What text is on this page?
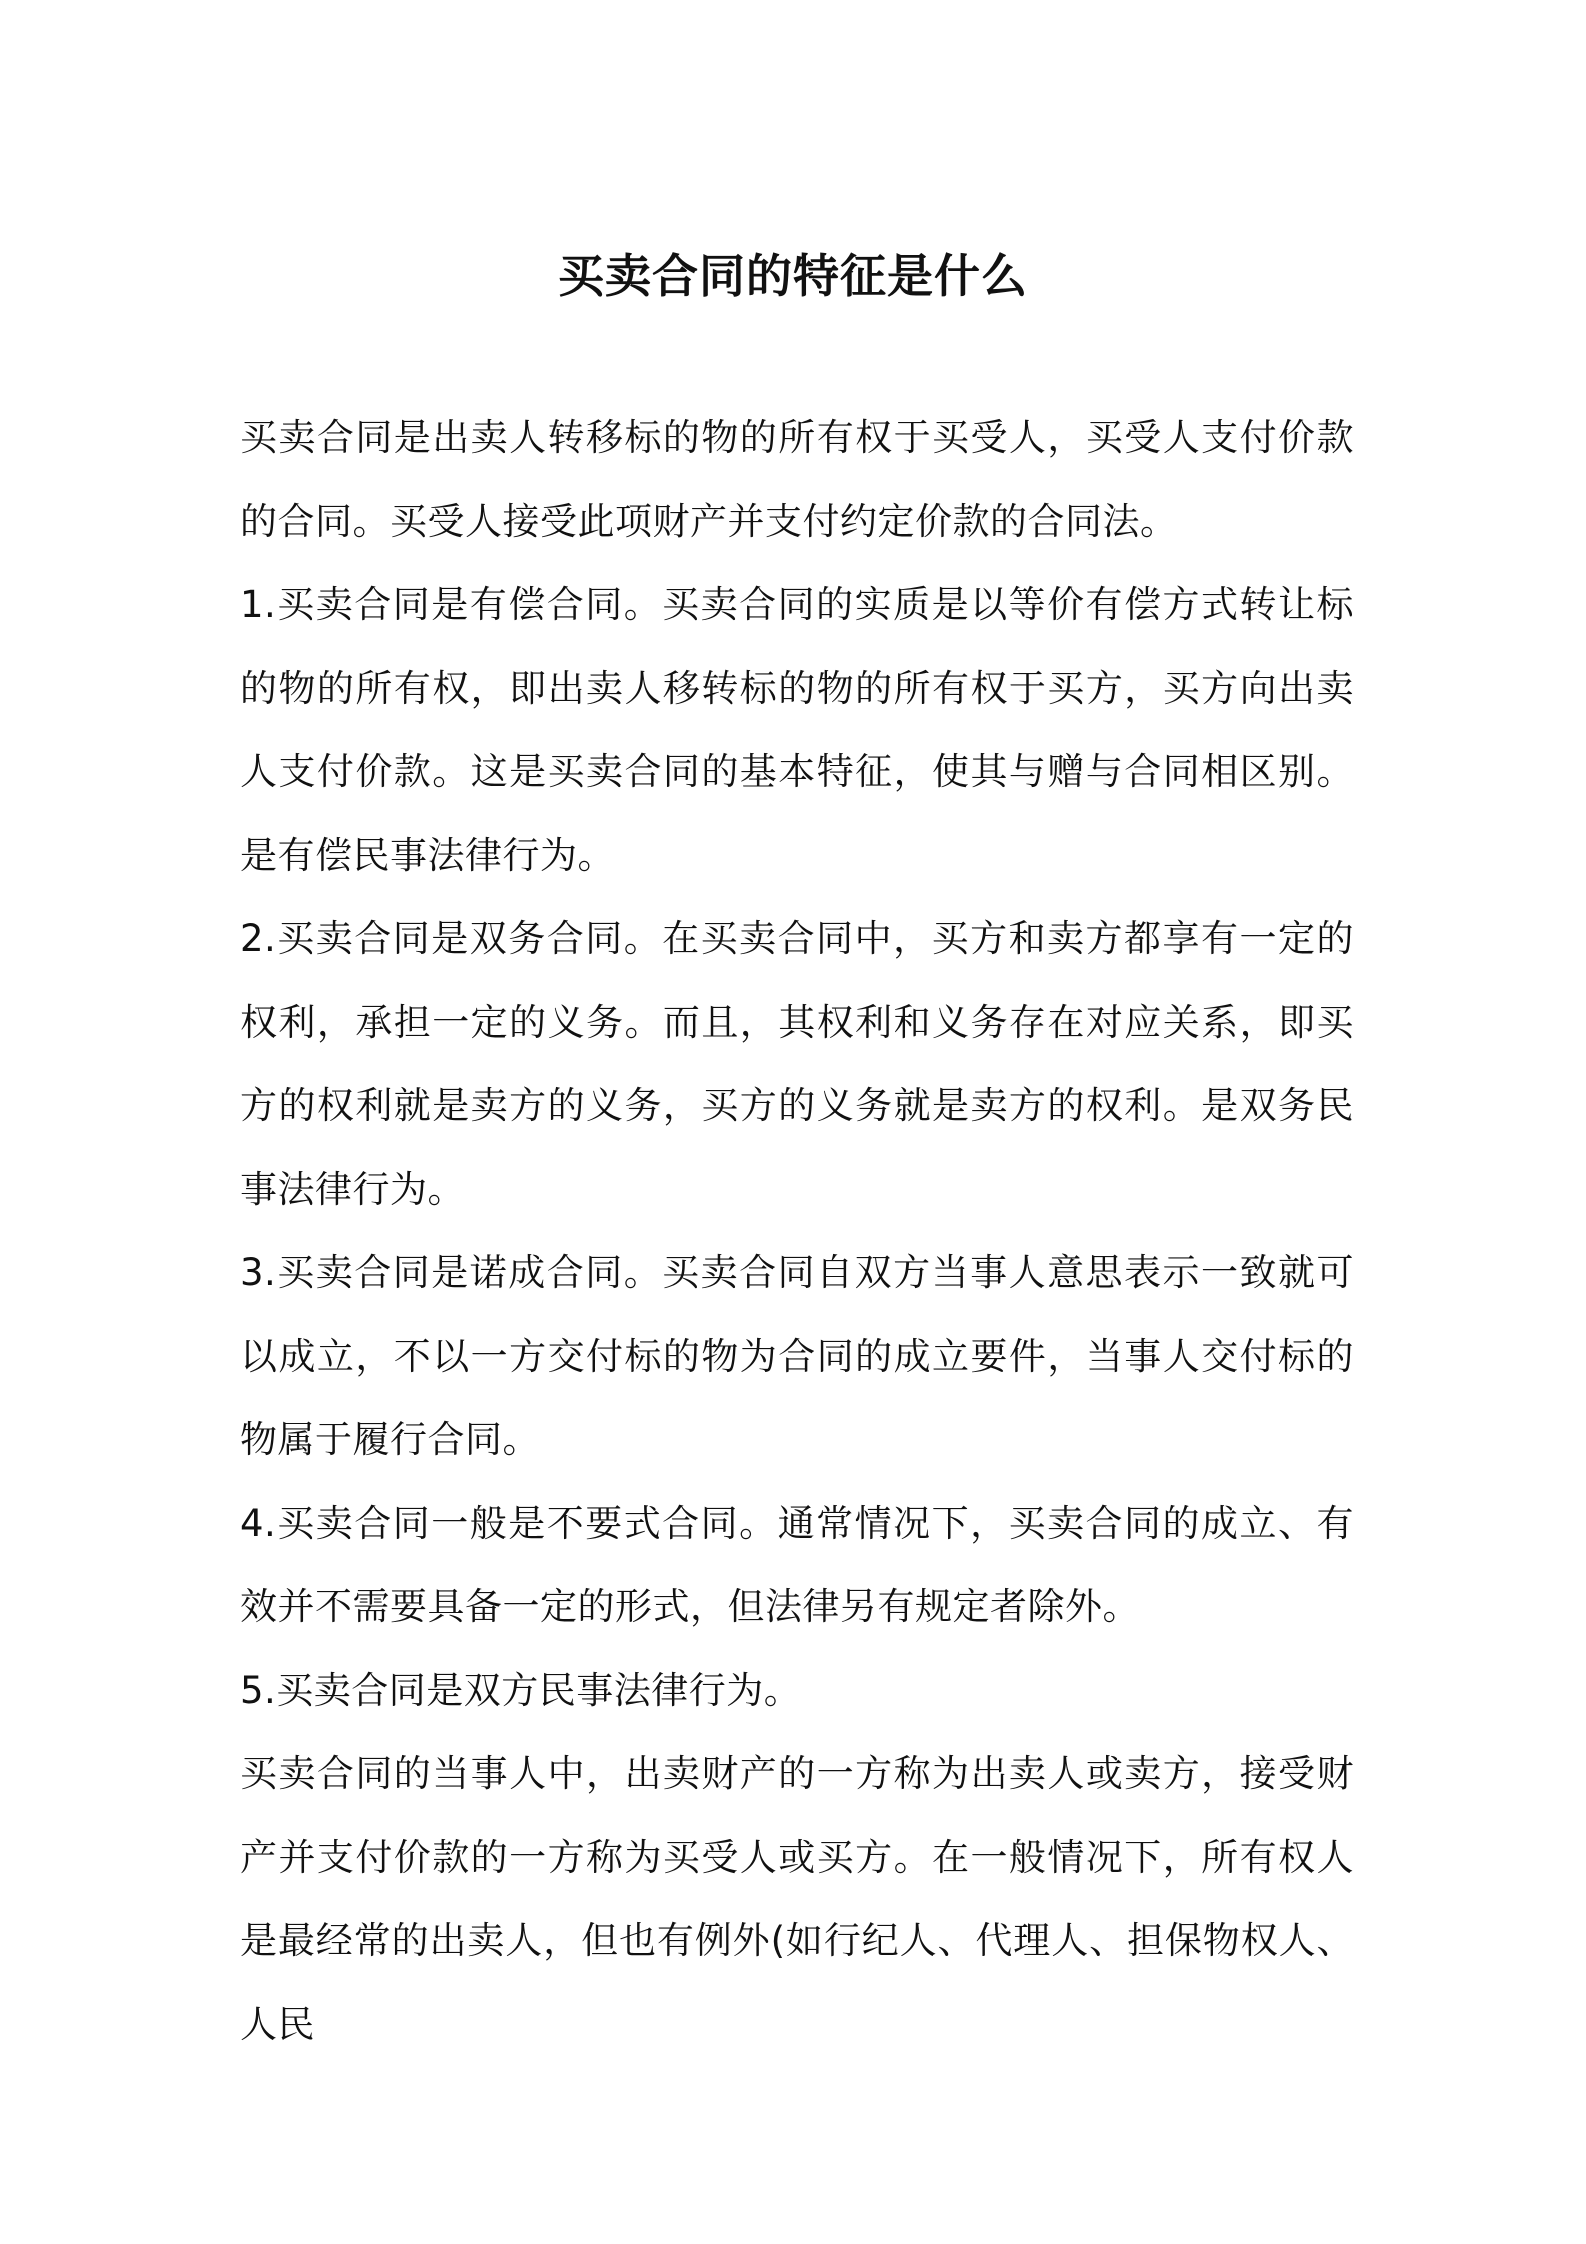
买卖合同的特征是什么

买卖合同是出卖人转移标的物的所有权于买受人，买受人支付价款的合同。买受人接受此项财产并支付约定价款的合同法。

1.买卖合同是有偿合同。买卖合同的实质是以等价有偿方式转让标的物的所有权，即出卖人移转标的物的所有权于买方，买方向出卖人支付价款。这是买卖合同的基本特征，使其与赠与合同相区别。是有偿民事法律行为。

2.买卖合同是双务合同。在买卖合同中，买方和卖方都享有一定的权利，承担一定的义务。而且，其权利和义务存在对应关系，即买方的权利就是卖方的义务，买方的义务就是卖方的权利。是双务民事法律行为。

3.买卖合同是诺成合同。买卖合同自双方当事人意思表示一致就可以成立，不以一方交付标的物为合同的成立要件，当事人交付标的物属于履行合同。

4.买卖合同一般是不要式合同。通常情况下，买卖合同的成立、有效并不需要具备一定的形式，但法律另有规定者除外。

5.买卖合同是双方民事法律行为。

买卖合同的当事人中，出卖财产的一方称为出卖人或卖方，接受财产并支付价款的一方称为买受人或买方。在一般情况下，所有权人是最经常的出卖人，但也有例外(如行纪人、代理人、担保物权人、人民
